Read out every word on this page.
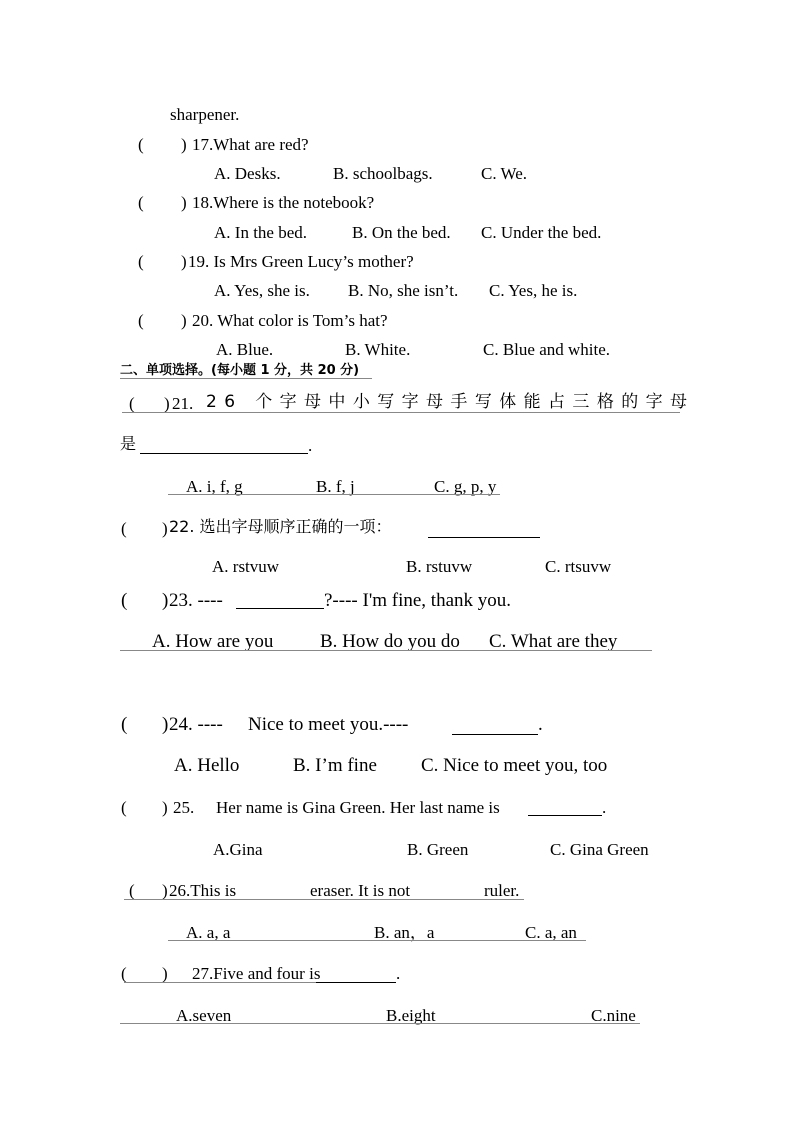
sharpener.
( ) 17.What are red?
A. Desks.	B. schoolbags.	C. We.
( ) 18.Where is the notebook?
A. In the bed.	B. On the bed. C. Under the bed.
( ) 19. Is Mrs Green Lucy’s mother?
A. Yes, she is. B. No, she isn’t. C. Yes, he is.
( ) 20. What color is Tom’s hat?
A. Blue.	B. White.	C. Blue and white.
二、单项选择。(每小题 1 分，共 20 分)
( ) 21. 26 个字母中小写字母手写体能占三格的字母
是	.
A. i, f, g	B. f, j	C. g, p, y
( ) 22. 选出字母顺序正确的一项：
A. rstvuw	B. rstuvw	C. rtsuvw
( ) 23. ----	?---- I'm fine, thank you.
A. How are you B. How do you do C. What are they
( ) 24. ---- Nice to meet you.----	.
A. Hello	B. I’m fine C. Nice to meet you, too
( ) 25. Her name is Gina Green. Her last name is	.
A.Gina	B. Green	C. Gina Green
( ) 26.This is	eraser. It is not	ruler.
A. a, a	B. an，a	C. a, an
( ) 27.Five and four is	.
A.seven	B.eight	C.nine
